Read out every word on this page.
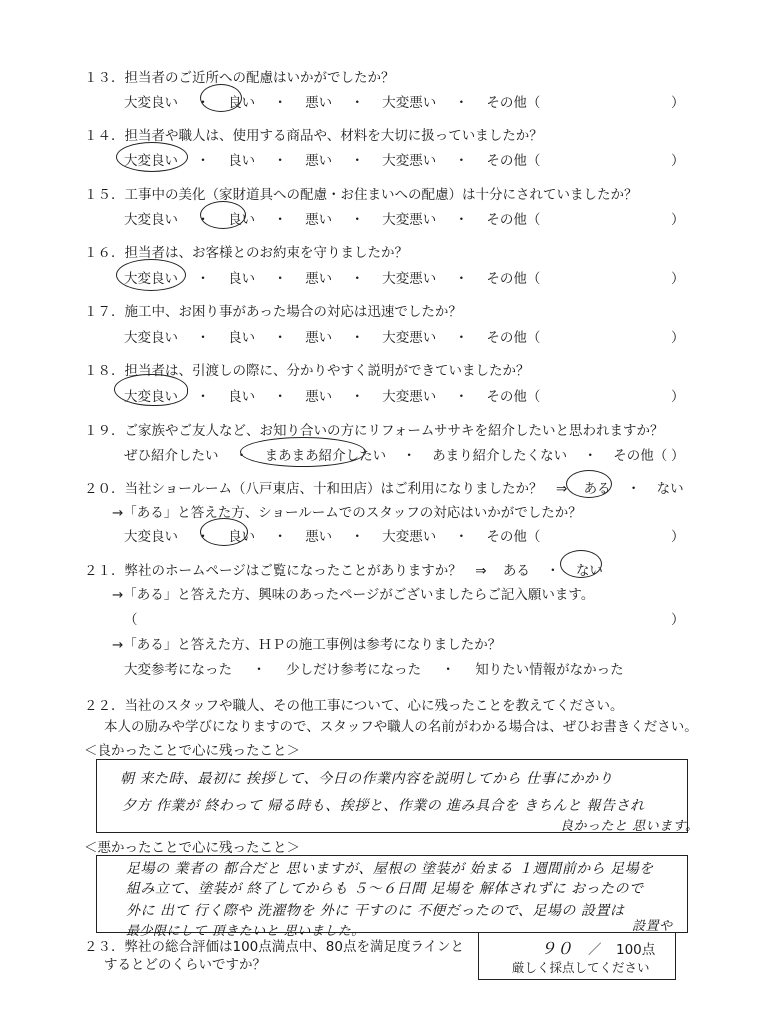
１３．担当者のご近所への配慮はいかがでしたか？
大変良い ・ 良い ・ 悪い ・ 大変悪い ・ その他（	）
１４．担当者や職人は、使用する商品や、材料を大切に扱っていましたか？
大変良い ・ 良い ・ 悪い ・ 大変悪い ・ その他（	）
１５．工事中の美化（家財道具への配慮・お住まいへの配慮）は十分にされていましたか？
大変良い ・ 良い ・ 悪い ・ 大変悪い ・ その他（	）
１６．担当者は、お客様とのお約束を守りましたか？
大変良い ・ 良い ・ 悪い ・ 大変悪い ・ その他（	）
１７．施工中、お困り事があった場合の対応は迅速でしたか？
大変良い ・ 良い ・ 悪い ・ 大変悪い ・ その他（	）
１８．担当者は、引渡しの際に、分かりやすく説明ができていましたか？
大変良い ・ 良い ・ 悪い ・ 大変悪い ・ その他（	）
１９．ご家族やご友人など、お知り合いの方にリフォームササキを紹介したいと思われますか？
ぜひ紹介したい ・ まあまあ紹介したい ・ あまり紹介したくない ・ その他（ ）
２０．当社ショールーム（八戸東店、十和田店）はご利用になりましたか？　⇒ ある ・ ない
→「ある」と答えた方、ショールームでのスタッフの対応はいかがでしたか？
大変良い ・ 良い ・ 悪い ・ 大変悪い ・ その他（	）
２１．弊社のホームページはご覧になったことがありますか？　⇒ ある ・ ない
→「ある」と答えた方、興味のあったページがございましたらご記入願います。
（	）
→「ある」と答えた方、ＨＰの施工事例は参考になりましたか？
大変参考になった ・ 少しだけ参考になった ・ 知りたい情報がなかった
２２．当社のスタッフや職人、その他工事について、心に残ったことを教えてください。
本人の励みや学びになりますので、スタッフや職人の名前がわかる場合は、ぜひお書きください。
＜良かったことで心に残ったこと＞
朝 来た時、最初に 挨拶して、今日の作業内容を説明してから 仕事にかかり
夕方 作業が 終わって 帰る時も、挨拶と、作業の 進み具合を きちんと 報告され
良かったと 思います。
＜悪かったことで心に残ったこと＞
足場の 業者の 都合だと 思いますが、屋根の 塗装が 始まる １週間前から 足場を
組み立て、塗装が 終了してからも ５〜６日間 足場を 解体されずに おったので
外に 出て 行く際や 洗濯物を 外に 干すのに 不便だったので、足場の 設置は
最少限にして 頂きたいと 思いました。	設置や
２３．弊社の総合評価は100点満点中、80点を満足度ラインと
するとどのくらいですか？
９０ ／ 100点
厳しく採点してください
